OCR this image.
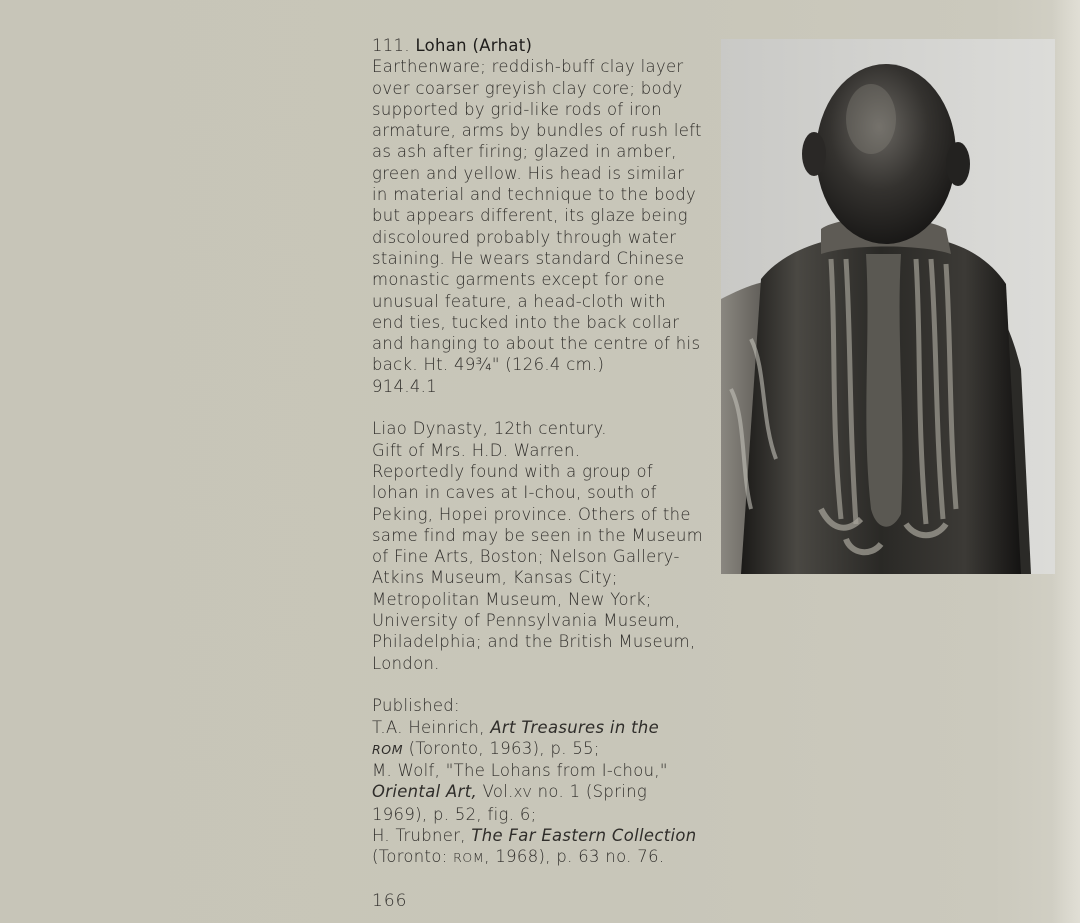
111. Lohan (Arhat)
Earthenware; reddish-buff clay layer
over coarser greyish clay core; body
supported by grid-like rods of iron
armature, arms by bundles of rush left
as ash after firing; glazed in amber,
green and yellow. His head is similar
in material and technique to the body
but appears different, its glaze being
discoloured probably through water
staining. He wears standard Chinese
monastic garments except for one
unusual feature, a head-cloth with
end ties, tucked into the back collar
and hanging to about the centre of his
back. Ht. 49¾" (126.4 cm.)
914.4.1
Liao Dynasty, 12th century.
Gift of Mrs. H.D. Warren.
Reportedly found with a group of
lohan in caves at I-chou, south of
Peking, Hopei province. Others of the
same find may be seen in the Museum
of Fine Arts, Boston; Nelson Gallery-
Atkins Museum, Kansas City;
Metropolitan Museum, New York;
University of Pennsylvania Museum,
Philadelphia; and the British Museum,
London.
Published:
T.A. Heinrich, Art Treasures in the
ROM (Toronto, 1963), p. 55;
M. Wolf, "The Lohans from I-chou,"
Oriental Art, Vol.XV no. 1 (Spring
1969), p. 52, fig. 6;
H. Trubner, The Far Eastern Collection
(Toronto: ROM, 1968), p. 63 no. 76.
166
